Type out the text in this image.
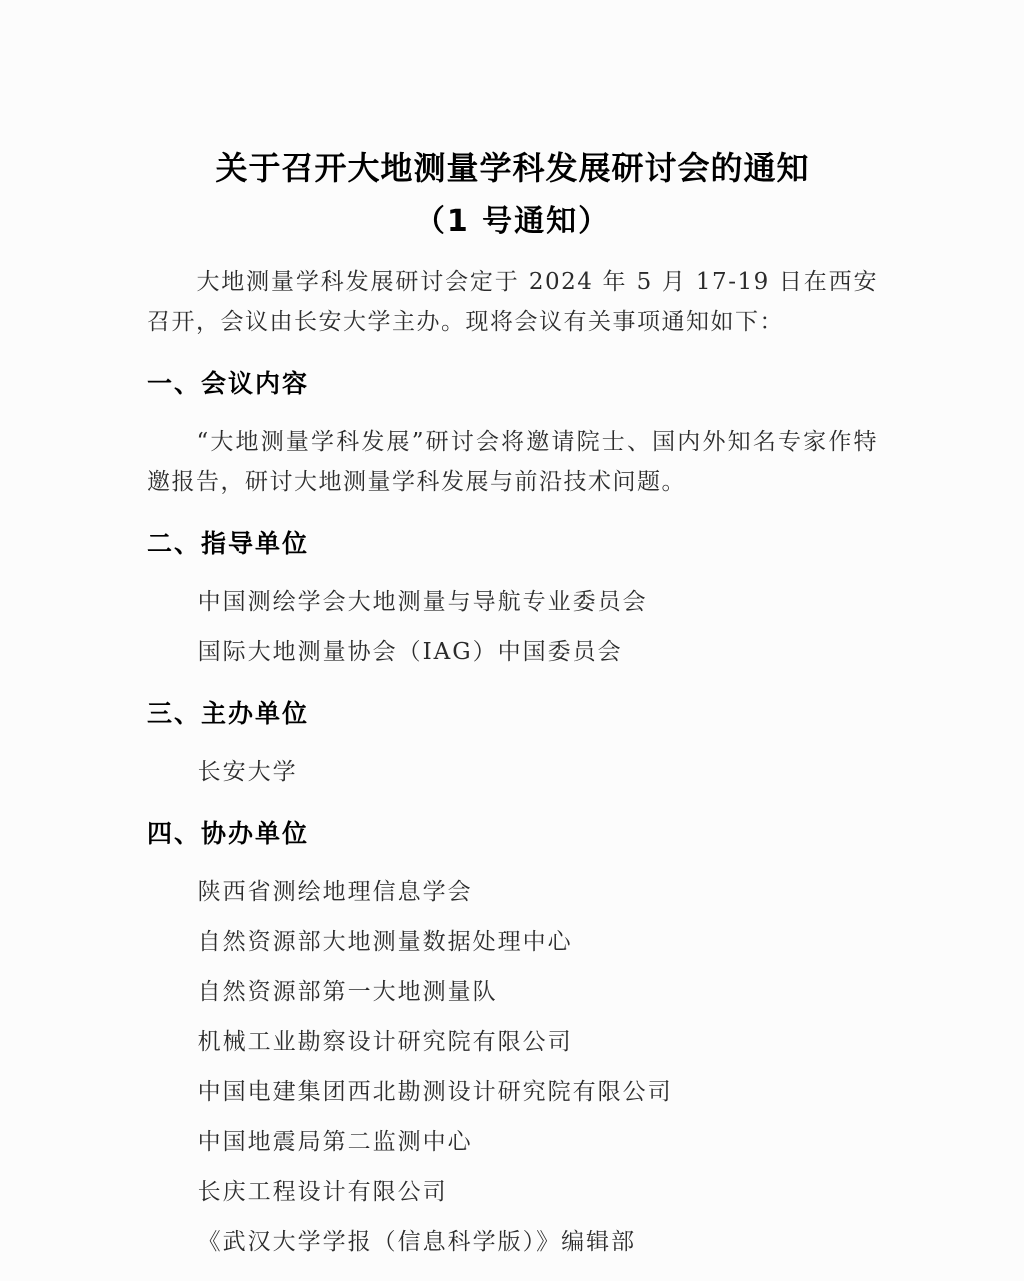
关于召开大地测量学科发展研讨会的通知
（1 号通知）

大地测量学科发展研讨会定于 2024 年 5 月 17-19 日在西安召开，会议由长安大学主办。现将会议有关事项通知如下：

一、会议内容

“大地测量学科发展”研讨会将邀请院士、国内外知名专家作特邀报告，研讨大地测量学科发展与前沿技术问题。

二、指导单位

中国测绘学会大地测量与导航专业委员会

国际大地测量协会（IAG）中国委员会

三、主办单位

长安大学

四、协办单位

陕西省测绘地理信息学会

自然资源部大地测量数据处理中心

自然资源部第一大地测量队

机械工业勘察设计研究院有限公司

中国电建集团西北勘测设计研究院有限公司

中国地震局第二监测中心

长庆工程设计有限公司

《武汉大学学报（信息科学版）》编辑部
